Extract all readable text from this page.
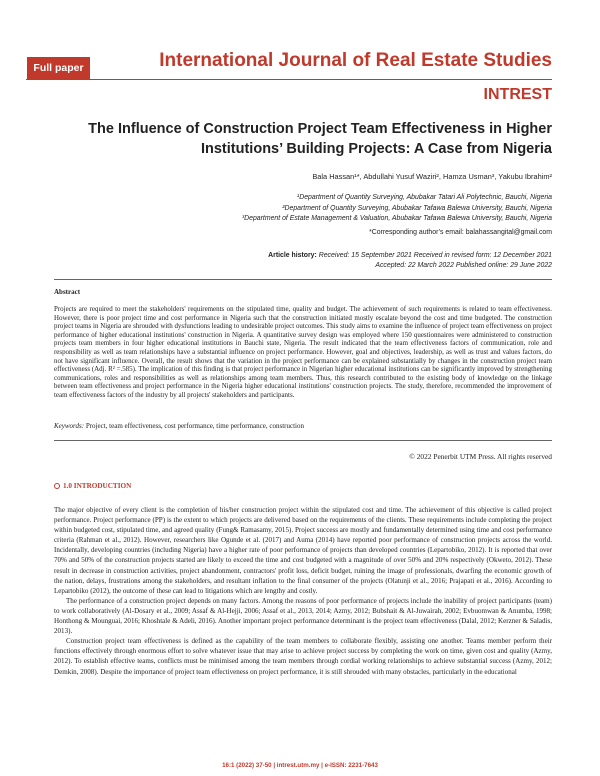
Full paper	International Journal of Real Estate Studies
INTREST
The Influence of Construction Project Team Effectiveness in Higher
Institutions’ Building Projects: A Case from Nigeria
Bala Hassan¹*, Abdullahi Yusuf Waziri², Hamza Usman³, Yakubu Ibrahim²
¹Department of Quantity Surveying, Abubakar Tatari Ali Polytechnic, Bauchi, Nigeria
²Department of Quantity Surveying, Abubakar Tafawa Balewa University, Bauchi, Nigeria
³Department of Estate Management & Valuation, Abubakar Tafawa Balewa University, Bauchi, Nigeria
*Corresponding author’s email: balahassangital@gmail.com
Article history: Received: 15 September 2021 Received in revised form: 12 December 2021
Accepted: 22 March 2022 Published online: 29 June 2022
Abstract
Projects are required to meet the stakeholders' requirements on the stipulated time, quality and budget. The achievement of such requirements is related to team effectiveness. However, there is poor project time and cost performance in Nigeria such that the construction initiated mostly escalate beyond the cost and time budgeted. The construction project teams in Nigeria are shrouded with dysfunctions leading to undesirable project outcomes. This study aims to examine the influence of project team effectiveness on project performance of higher educational institutions' construction in Nigeria. A quantitative survey design was employed where 150 questionnaires were administered to construction projects team members in four higher educational institutions in Bauchi state, Nigeria. The result indicated that the team effectiveness factors of communication, role and responsibility as well as team relationships have a substantial influence on project performance. However, goal and objectives, leadership, as well as trust and values factors, do not have significant influence. Overall, the result shows that the variation in the project performance can be explained substantially by changes in the construction project team effectiveness (Adj. R² =.585). The implication of this finding is that project performance in Nigerian higher educational institutions can be significantly improved by strengthening communications, roles and responsibilities as well as relationships among team members. Thus, this research contributed to the existing body of knowledge on the linkage between team effectiveness and project performance in the Nigeria higher educational institutions' construction projects. The study, therefore, recommended the improvement of team effectiveness factors of the industry by all projects' stakeholders and participants.
Keywords: Project, team effectiveness, cost performance, time performance, construction
© 2022 Penerbit UTM Press. All rights reserved
1.0 INTRODUCTION

The major objective of every client is the completion of his/her construction project within the stipulated cost and time. The achievement of this objective is called project performance. Project performance (PP) is the extent to which projects are delivered based on the requirements of the clients. These requirements include completing the project within budgeted cost, stipulated time, and agreed quality (Fung& Ramasamy, 2015). Project success are mostly and fundamentally determined using time and cost performance criteria (Rahman et al., 2012). However, researchers like Ogunde et al. (2017) and Auma (2014) have reported poor performance of construction projects across the world. Incidentally, developing countries (including Nigeria) have a higher rate of poor performance of projects than developed countries (Lepartobiko, 2012). It is reported that over 70% and 50% of the construction projects started are likely to exceed the time and cost budgeted with a magnitude of over 50% and 20% respectively (Okweto, 2012). These result in decrease in construction activities, project abandonment, contractors' profit loss, deficit budget, ruining the image of professionals, dwarfing the economic growth of the nation, delays, frustrations among the stakeholders, and resultant inflation to the final consumer of the projects (Olatunji et al., 2016; Prajapati et al., 2016). According to Lepartobiko (2012), the outcome of these can lead to litigations which are lengthy and costly.

The performance of a construction project depends on many factors. Among the reasons of poor performance of projects include the inability of project participants (team) to work collaboratively (Al-Dosary et al., 2009; Assaf & Al-Hejji, 2006; Assaf et al., 2013, 2014; Azmy, 2012; Bubshait & Al-Juwairah, 2002; Evbuomwan & Anumba, 1998; Honthong & Mounguai, 2016; Khoshtale & Adeli, 2016). Another important project performance determinant is the project team effectiveness (Dalal, 2012; Kerzner & Saladis, 2013).

Construction project team effectiveness is defined as the capability of the team members to collaborate flexibly, assisting one another. Teams member perform their functions effectively through enormous effort to solve whatever issue that may arise to achieve project success by completing the work on time, given cost and quality (Azmy, 2012). To establish effective teams, conflicts must be minimised among the team members through cordial working relationships to achieve substantial success (Azmy, 2012; Demkin, 2008). Despite the importance of project team effectiveness on project performance, it is still shrouded with many obstacles, particularly in the educational

16:1 (2022) 37-50 | intrest.utm.my | e-ISSN: 2231-7643
